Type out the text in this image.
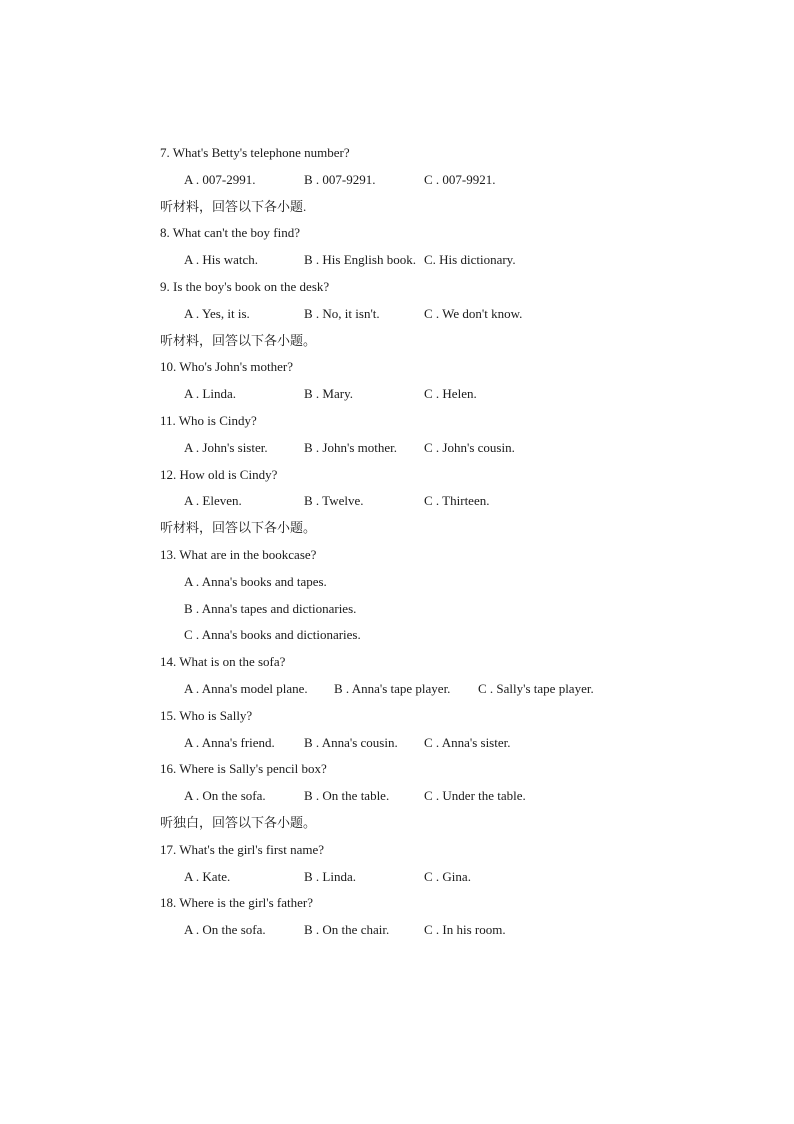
7. What's Betty's telephone number?
A . 007-2991.	B . 007-9291.	C . 007-9921.
听材料，回答以下各小题.
8. What can't the boy find?
A . His watch.	B . His English book. C. His dictionary.
9. Is the boy's book on the desk?
A . Yes, it is.	B . No, it isn't.	C . We don't know.
听材料，回答以下各小题。
10. Who's John's mother?
A . Linda.	B . Mary.	C . Helen.
11. Who is Cindy?
A . John's sister.	B . John's mother. C . John's cousin.
12. How old is Cindy?
A . Eleven.	B . Twelve.	C . Thirteen.
听材料，回答以下各小题。
13. What are in the bookcase?
A . Anna's books and tapes.
B . Anna's tapes and dictionaries.
C . Anna's books and dictionaries.
14. What is on the sofa?
A . Anna's model plane. B . Anna's tape player. C . Sally's tape player.
15. Who is Sally?
A . Anna's friend. B . Anna's cousin. C . Anna's sister.
16. Where is Sally's pencil box?
A . On the sofa.	B . On the table.	C . Under the table.
听独白，回答以下各小题。
17. What's the girl's first name?
A . Kate.	B . Linda.	C . Gina.
18. Where is the girl's father?
A . On the sofa.	B . On the chair.	C . In his room.
